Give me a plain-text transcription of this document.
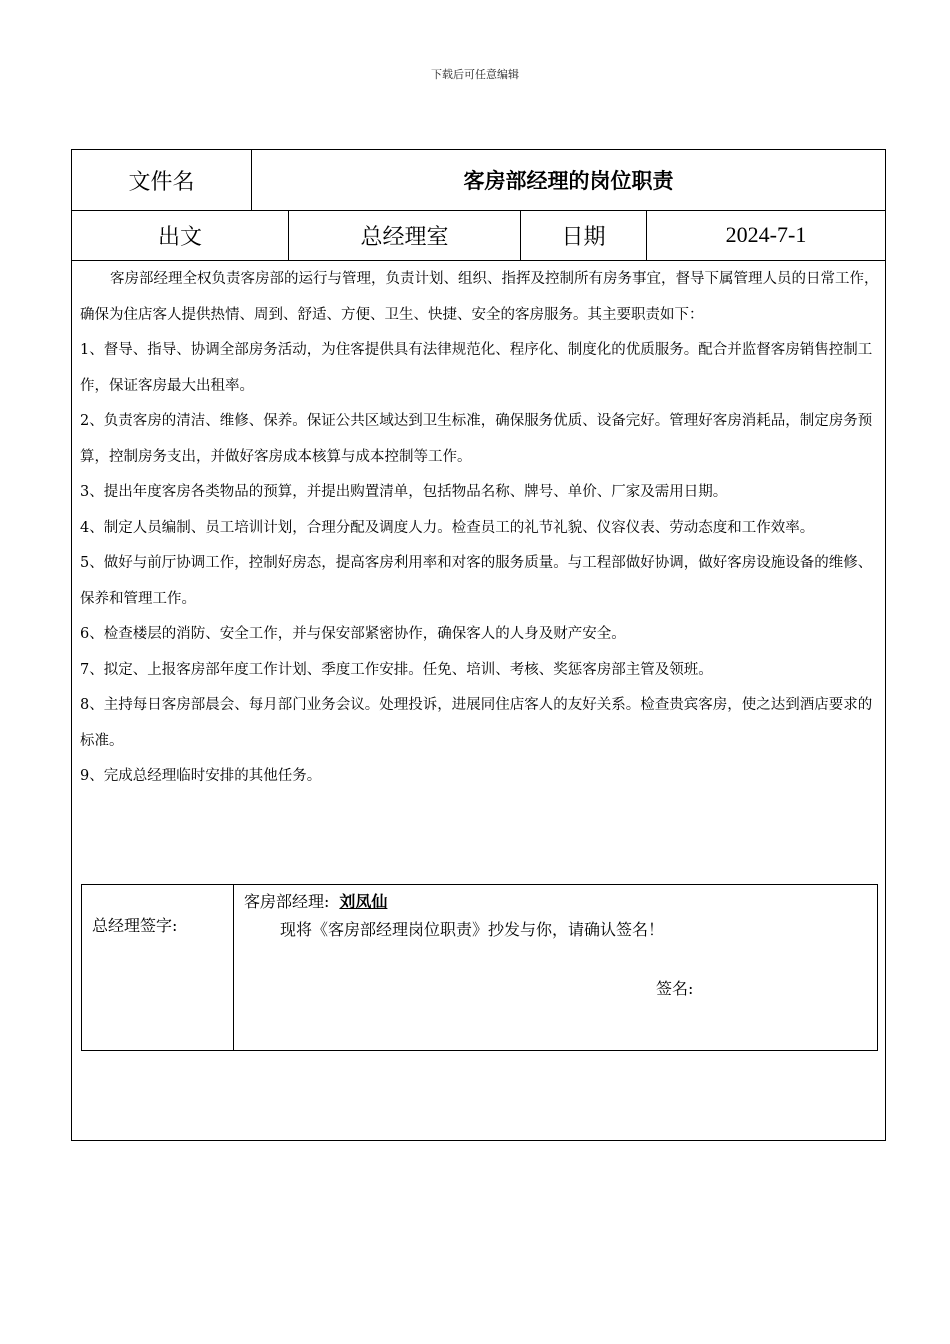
下载后可任意编辑
文件名	客房部经理的岗位职责
出文	总经理室	日期	2024-7-1

客房部经理全权负责客房部的运行与管理，负责计划、组织、指挥及控制所有房务事宜，督导下属管理人员的日常工作，确保为住店客人提供热情、周到、舒适、方便、卫生、快捷、安全的客房服务。其主要职责如下：

1、督导、指导、协调全部房务活动，为住客提供具有法律规范化、程序化、制度化的优质服务。配合并监督客房销售控制工作，保证客房最大出租率。

2、负责客房的清洁、维修、保养。保证公共区域达到卫生标准，确保服务优质、设备完好。管理好客房消耗品，制定房务预算，控制房务支出，并做好客房成本核算与成本控制等工作。

3、提出年度客房各类物品的预算，并提出购置清单，包括物品名称、牌号、单价、厂家及需用日期。

4、制定人员编制、员工培训计划，合理分配及调度人力。检查员工的礼节礼貌、仪容仪表、劳动态度和工作效率。

5、做好与前厅协调工作，控制好房态，提高客房利用率和对客的服务质量。与工程部做好协调，做好客房设施设备的维修、保养和管理工作。

6、检查楼层的消防、安全工作，并与保安部紧密协作，确保客人的人身及财产安全。

7、拟定、上报客房部年度工作计划、季度工作安排。任免、培训、考核、奖惩客房部主管及领班。

8、主持每日客房部晨会、每月部门业务会议。处理投诉，进展同住店客人的友好关系。检查贵宾客房，使之达到酒店要求的标准。

9、完成总经理临时安排的其他任务。

总经理签字:
客房部经理: 刘凤仙
现将《客房部经理岗位职责》抄发与你，请确认签名！
签名:
